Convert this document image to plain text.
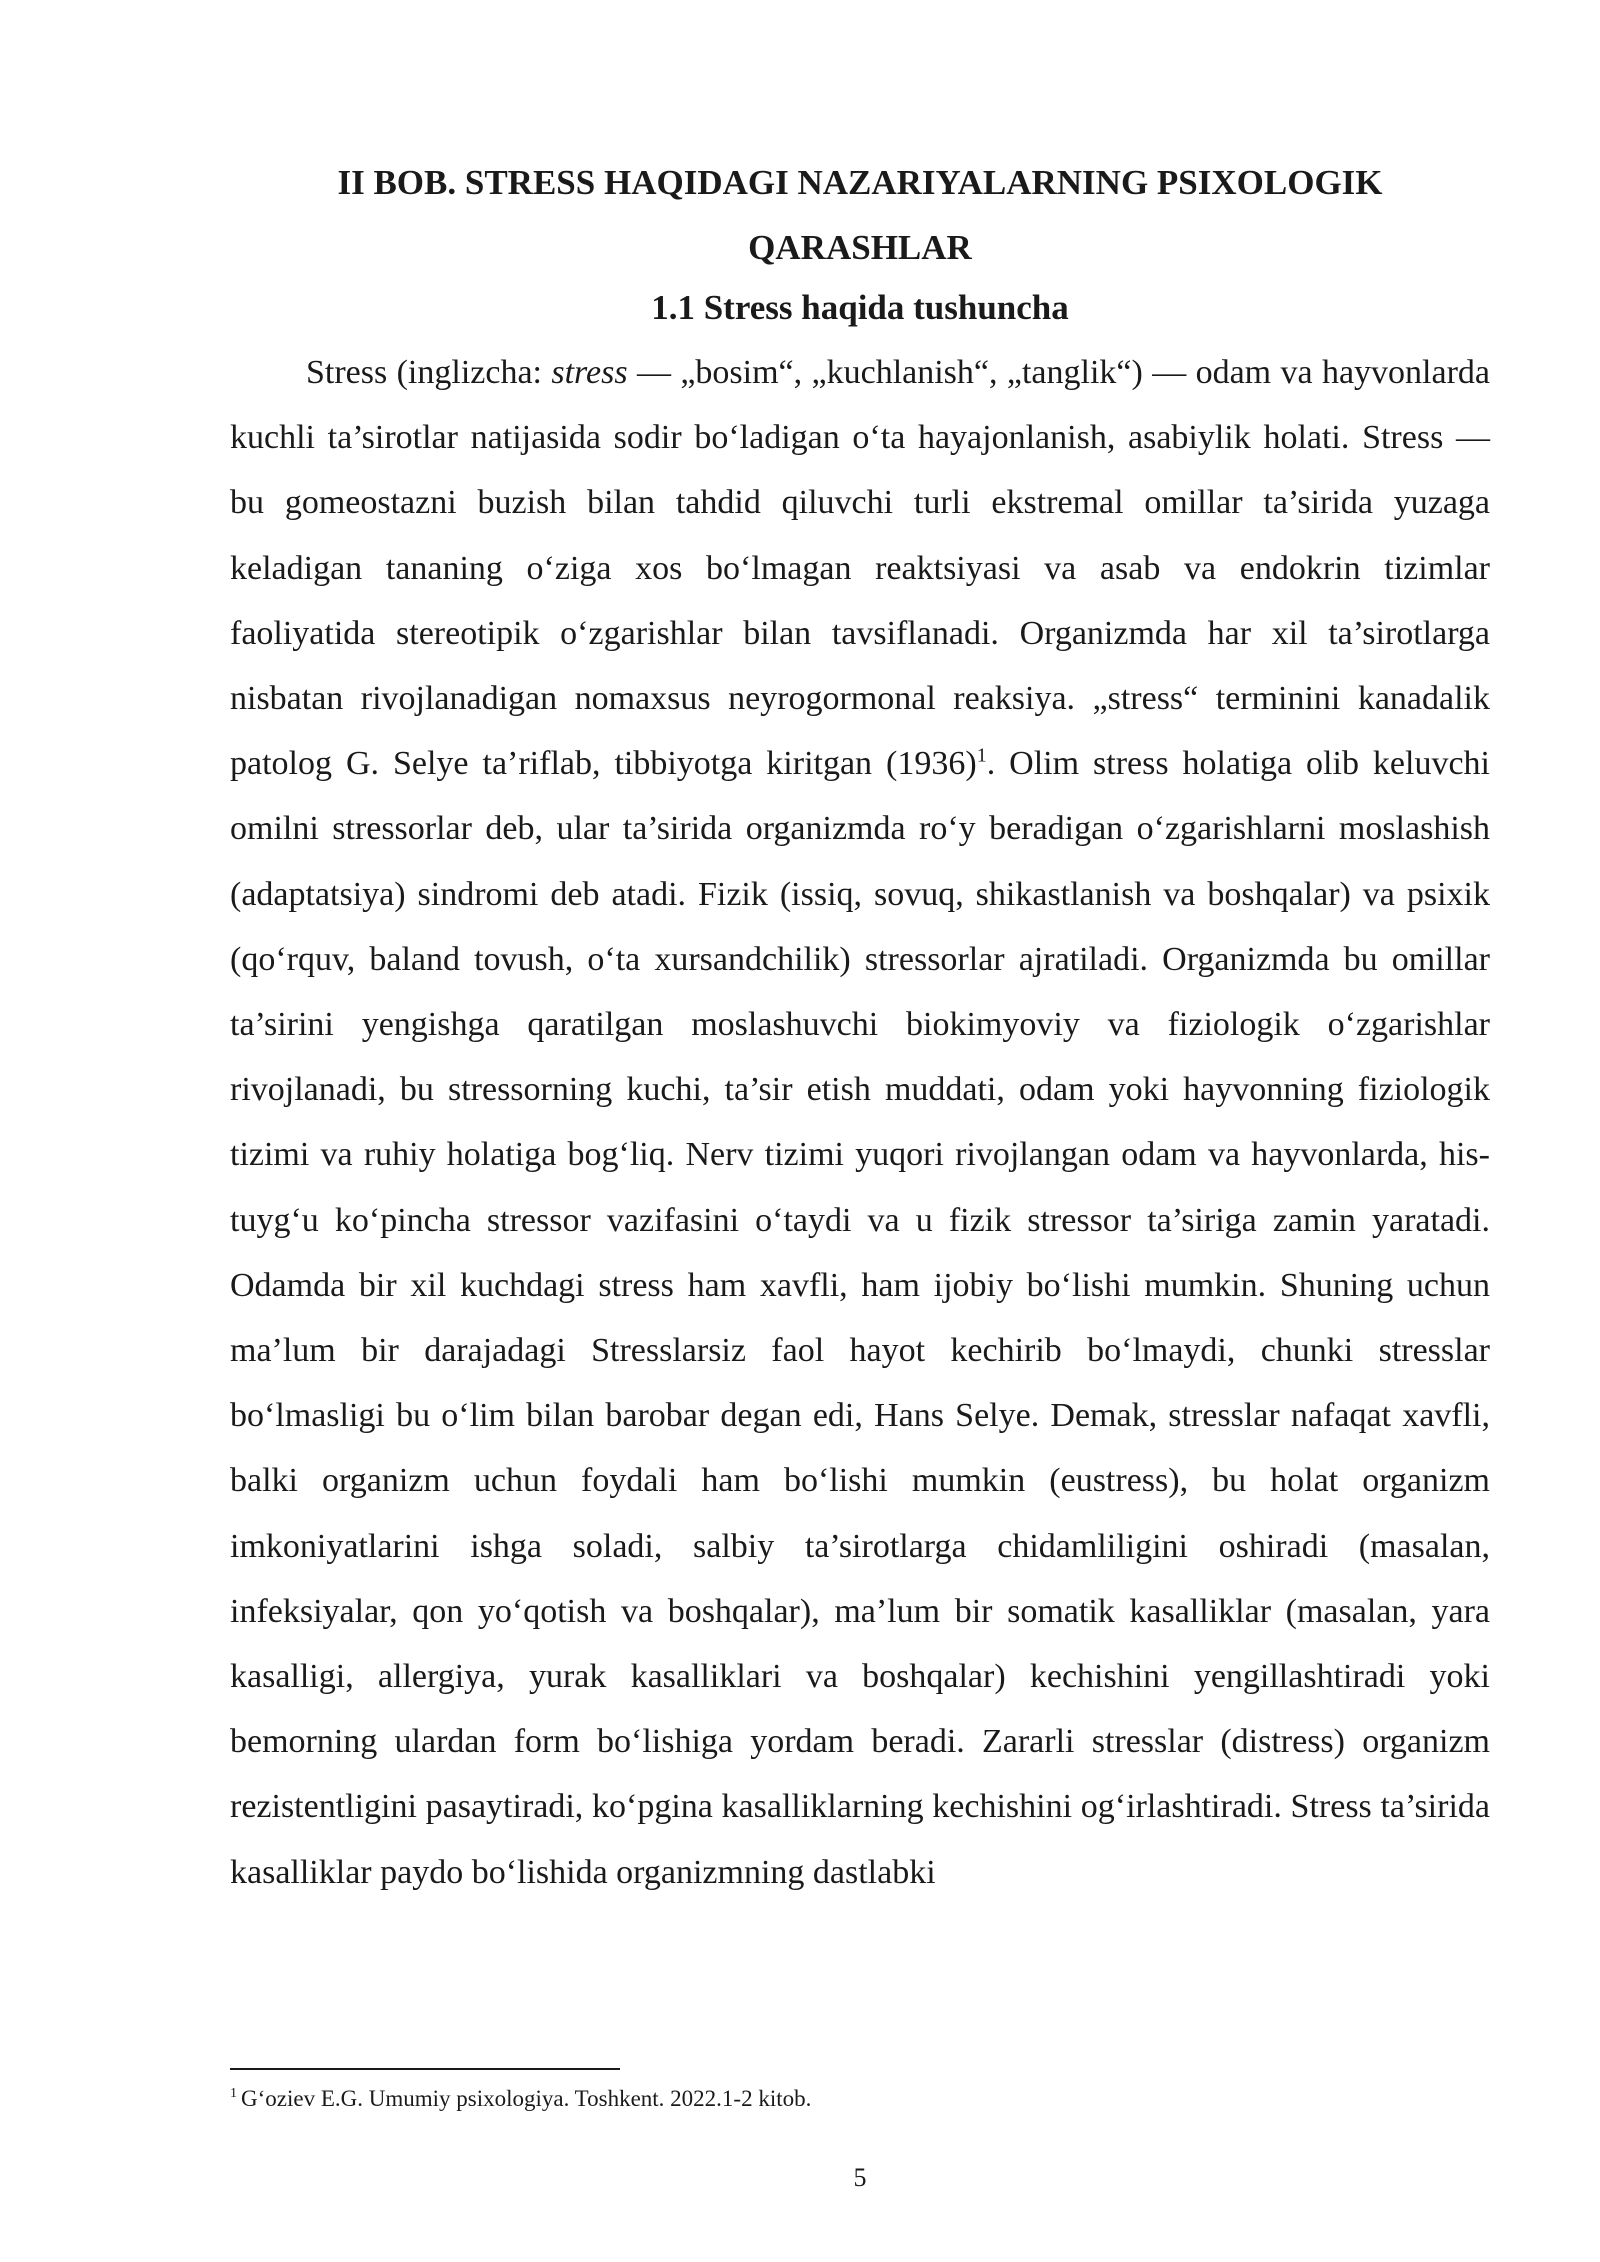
II BOB. STRESS HAQIDAGI NAZARIYALARNING PSIXOLOGIK QARASHLAR
1.1 Stress haqida tushuncha

Stress (inglizcha: stress — „bosim“, „kuchlanish“, „tanglik“) — odam va hayvonlarda kuchli ta’sirotlar natijasida sodir bo‘ladigan o‘ta hayajonlanish, asabiylik holati. Stress — bu gomeostazni buzish bilan tahdid qiluvchi turli ekstremal omillar ta’sirida yuzaga keladigan tananing o‘ziga xos bo‘lmagan reaktsiyasi va asab va endokrin tizimlar faoliyatida stereotipik o‘zgarishlar bilan tavsiflanadi. Organizmda har xil ta’sirotlarga nisbatan rivojlanadigan nomaxsus neyrogormonal reaksiya. „stress“ terminini kanadalik patolog G. Selye ta’riflab, tibbiyotga kiritgan $(1936)^1$. Olim stress holatiga olib keluvchi omilni stressorlar deb, ular ta’sirida organizmda ro‘y beradigan o‘zgarishlarni moslashish (adaptatsiya) sindromi deb atadi. Fizik (issiq, sovuq, shikastlanish va boshqalar) va psixik (qo‘rquv, baland tovush, o‘ta xursandchilik) stressorlar ajratiladi. Organizmda bu omillar ta’sirini yengishga qaratilgan moslashuvchi biokimyoviy va fiziologik o‘zgarishlar rivojlanadi, bu stressorning kuchi, ta’sir etish muddati, odam yoki hayvonning fiziologik tizimi va ruhiy holatiga bog‘liq. Nerv tizimi yuqori rivojlangan odam va hayvonlarda, his-tuyg‘u ko‘pincha stressor vazifasini o‘taydi va u fizik stressor ta’siriga zamin yaratadi. Odamda bir xil kuchdagi stress ham xavfli, ham ijobiy bo‘lishi mumkin. Shuning uchun ma’lum bir darajadagi Stresslarsiz faol hayot kechirib bo‘lmaydi, chunki stresslar bo‘lmasligi bu o‘lim bilan barobar degan edi, Hans Selye. Demak, stresslar nafaqat xavfli, balki organizm uchun foydali ham bo‘lishi mumkin (eustress), bu holat organizm imkoniyatlarini ishga soladi, salbiy ta’sirotlarga chidamliligini oshiradi (masalan, infeksiyalar, qon yo‘qotish va boshqalar), ma’lum bir somatik kasalliklar (masalan, yara kasalligi, allergiya, yurak kasalliklari va boshqalar) kechishini yengillashtiradi yoki bemorning ulardan form bo‘lishiga yordam beradi. Zararli stresslar (distress) organizm rezistentligini pasaytiradi, ko‘pgina kasalliklarning kechishini og‘irlashtiradi. Stress ta’sirida kasalliklar paydo bo‘lishida organizmning dastlabki

$^1$ G‘oziev E.G. Umumiy psixologiya. Toshkent. 2022.1-2 kitob.

5
